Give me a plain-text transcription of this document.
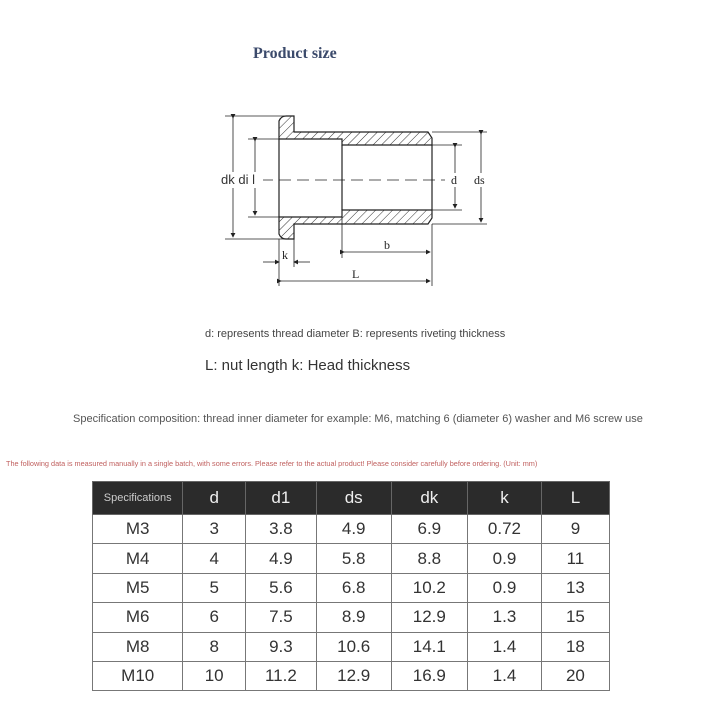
Product size
dk di l	d ds
b
k
L
d: represents thread diameter B: represents riveting thickness
L: nut length k: Head thickness
Specification composition: thread inner diameter for example: M6, matching 6 (diameter 6) washer and M6 screw use
The following data is measured manually in a single batch, with some errors. Please refer to the actual product! Please consider carefully before ordering. (Unit: mm)
Specifications	d	d1	ds	dk	k	L
M3	3	3.8	4.9	6.9	0.72	9
M4	4	4.9	5.8	8.8	0.9	11
M5	5	5.6	6.8	10.2	0.9	13
M6	6	7.5	8.9	12.9	1.3	15
M8	8	9.3	10.6	14.1	1.4	18
M10	10	11.2	12.9	16.9	1.4	20
